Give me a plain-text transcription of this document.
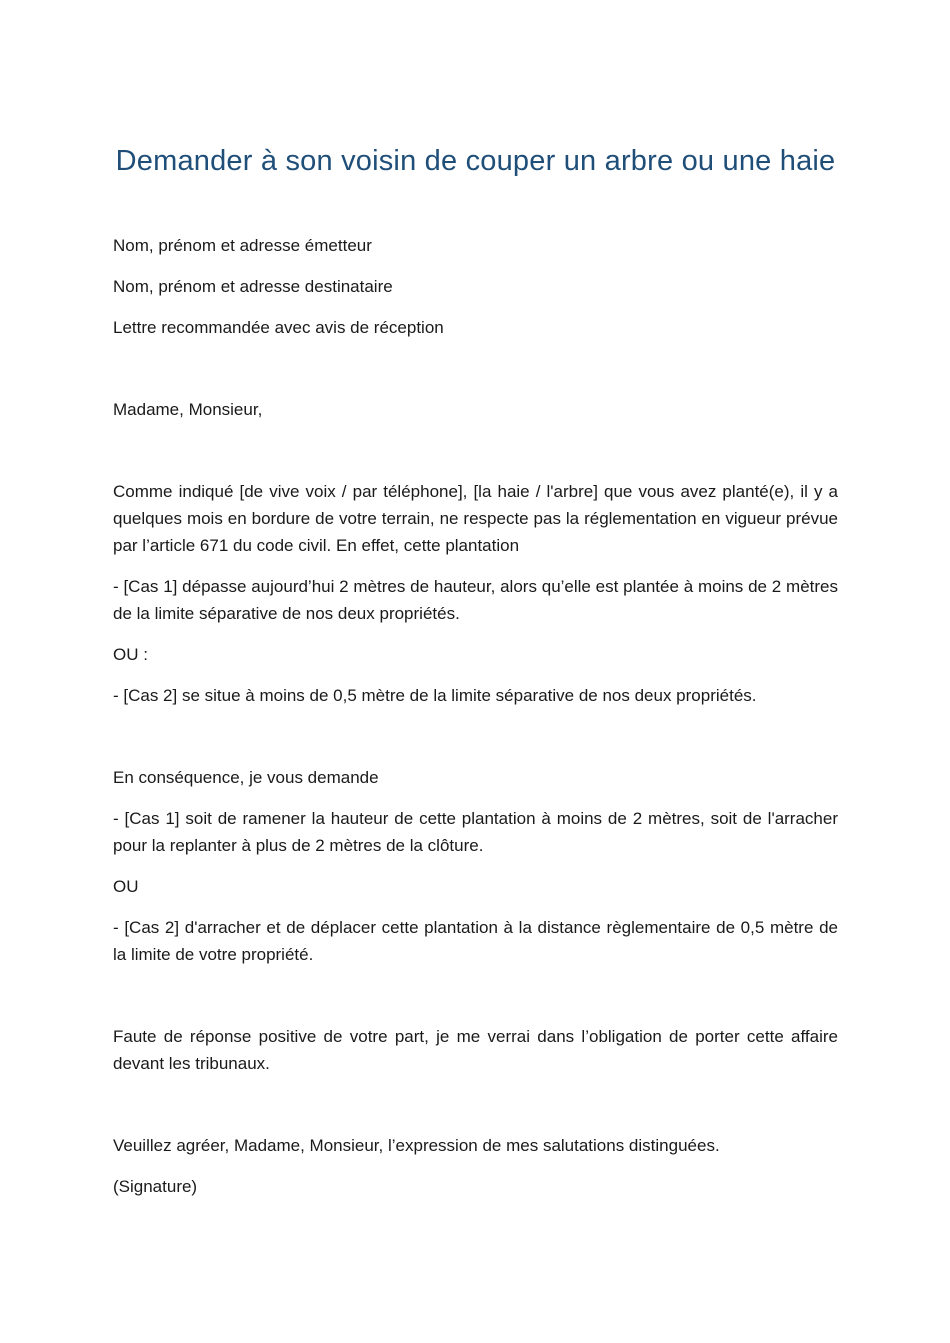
Demander à son voisin de couper un arbre ou une haie

Nom, prénom et adresse émetteur

Nom, prénom et adresse destinataire

Lettre recommandée avec avis de réception

Madame, Monsieur,

Comme indiqué [de vive voix / par téléphone], [la haie / l'arbre] que vous avez planté(e), il y a quelques mois en bordure de votre terrain, ne respecte pas la réglementation en vigueur prévue par l’article 671 du code civil. En effet, cette plantation

- [Cas 1] dépasse aujourd’hui 2 mètres de hauteur, alors qu’elle est plantée à moins de 2 mètres de la limite séparative de nos deux propriétés.

OU :

- [Cas 2] se situe à moins de 0,5 mètre de la limite séparative de nos deux propriétés.

En conséquence, je vous demande

- [Cas 1] soit de ramener la hauteur de cette plantation à moins de 2 mètres, soit de l'arracher pour la replanter à plus de 2 mètres de la clôture.

OU

- [Cas 2] d'arracher et de déplacer cette plantation à la distance règlementaire de 0,5 mètre de la limite de votre propriété.

Faute de réponse positive de votre part, je me verrai dans l’obligation de porter cette affaire devant les tribunaux.

Veuillez agréer, Madame, Monsieur, l’expression de mes salutations distinguées.

(Signature)
